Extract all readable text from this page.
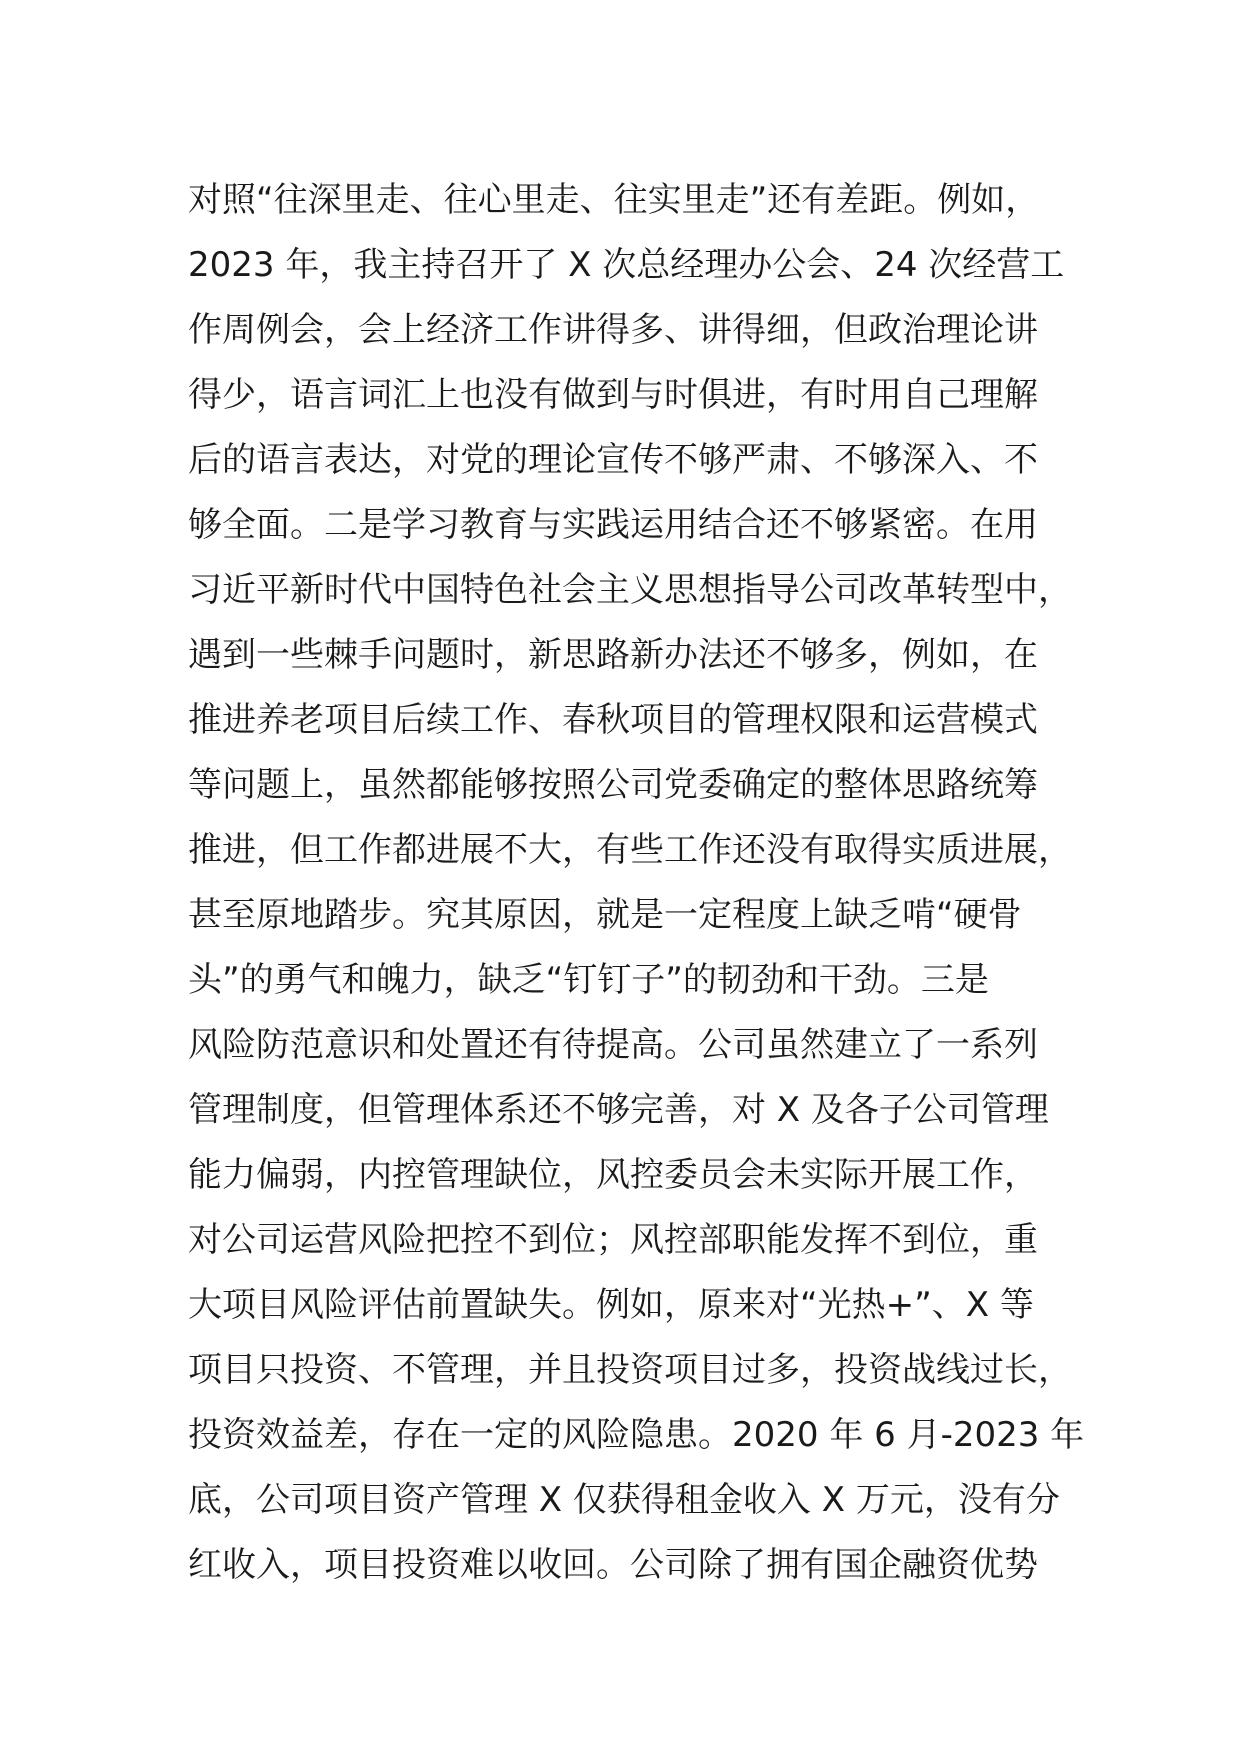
对照“往深里走、往心里走、往实里走”还有差距。例如，
2023 年，我主持召开了 X 次总经理办公会、24 次经营工
作周例会，会上经济工作讲得多、讲得细，但政治理论讲
得少，语言词汇上也没有做到与时俱进，有时用自己理解
后的语言表达，对党的理论宣传不够严肃、不够深入、不
够全面。二是学习教育与实践运用结合还不够紧密。在用
习近平新时代中国特色社会主义思想指导公司改革转型中，
遇到一些棘手问题时，新思路新办法还不够多，例如，在
推进养老项目后续工作、春秋项目的管理权限和运营模式
等问题上，虽然都能够按照公司党委确定的整体思路统筹
推进，但工作都进展不大，有些工作还没有取得实质进展，
甚至原地踏步。究其原因，就是一定程度上缺乏啃“硬骨
头”的勇气和魄力，缺乏“钉钉子”的韧劲和干劲。三是
风险防范意识和处置还有待提高。公司虽然建立了一系列
管理制度，但管理体系还不够完善，对 X 及各子公司管理
能力偏弱，内控管理缺位，风控委员会未实际开展工作，
对公司运营风险把控不到位；风控部职能发挥不到位，重
大项目风险评估前置缺失。例如，原来对“光热+”、X 等
项目只投资、不管理，并且投资项目过多，投资战线过长，
投资效益差，存在一定的风险隐患。2020 年 6 月-2023 年
底，公司项目资产管理 X 仅获得租金收入 X 万元，没有分
红收入，项目投资难以收回。公司除了拥有国企融资优势
